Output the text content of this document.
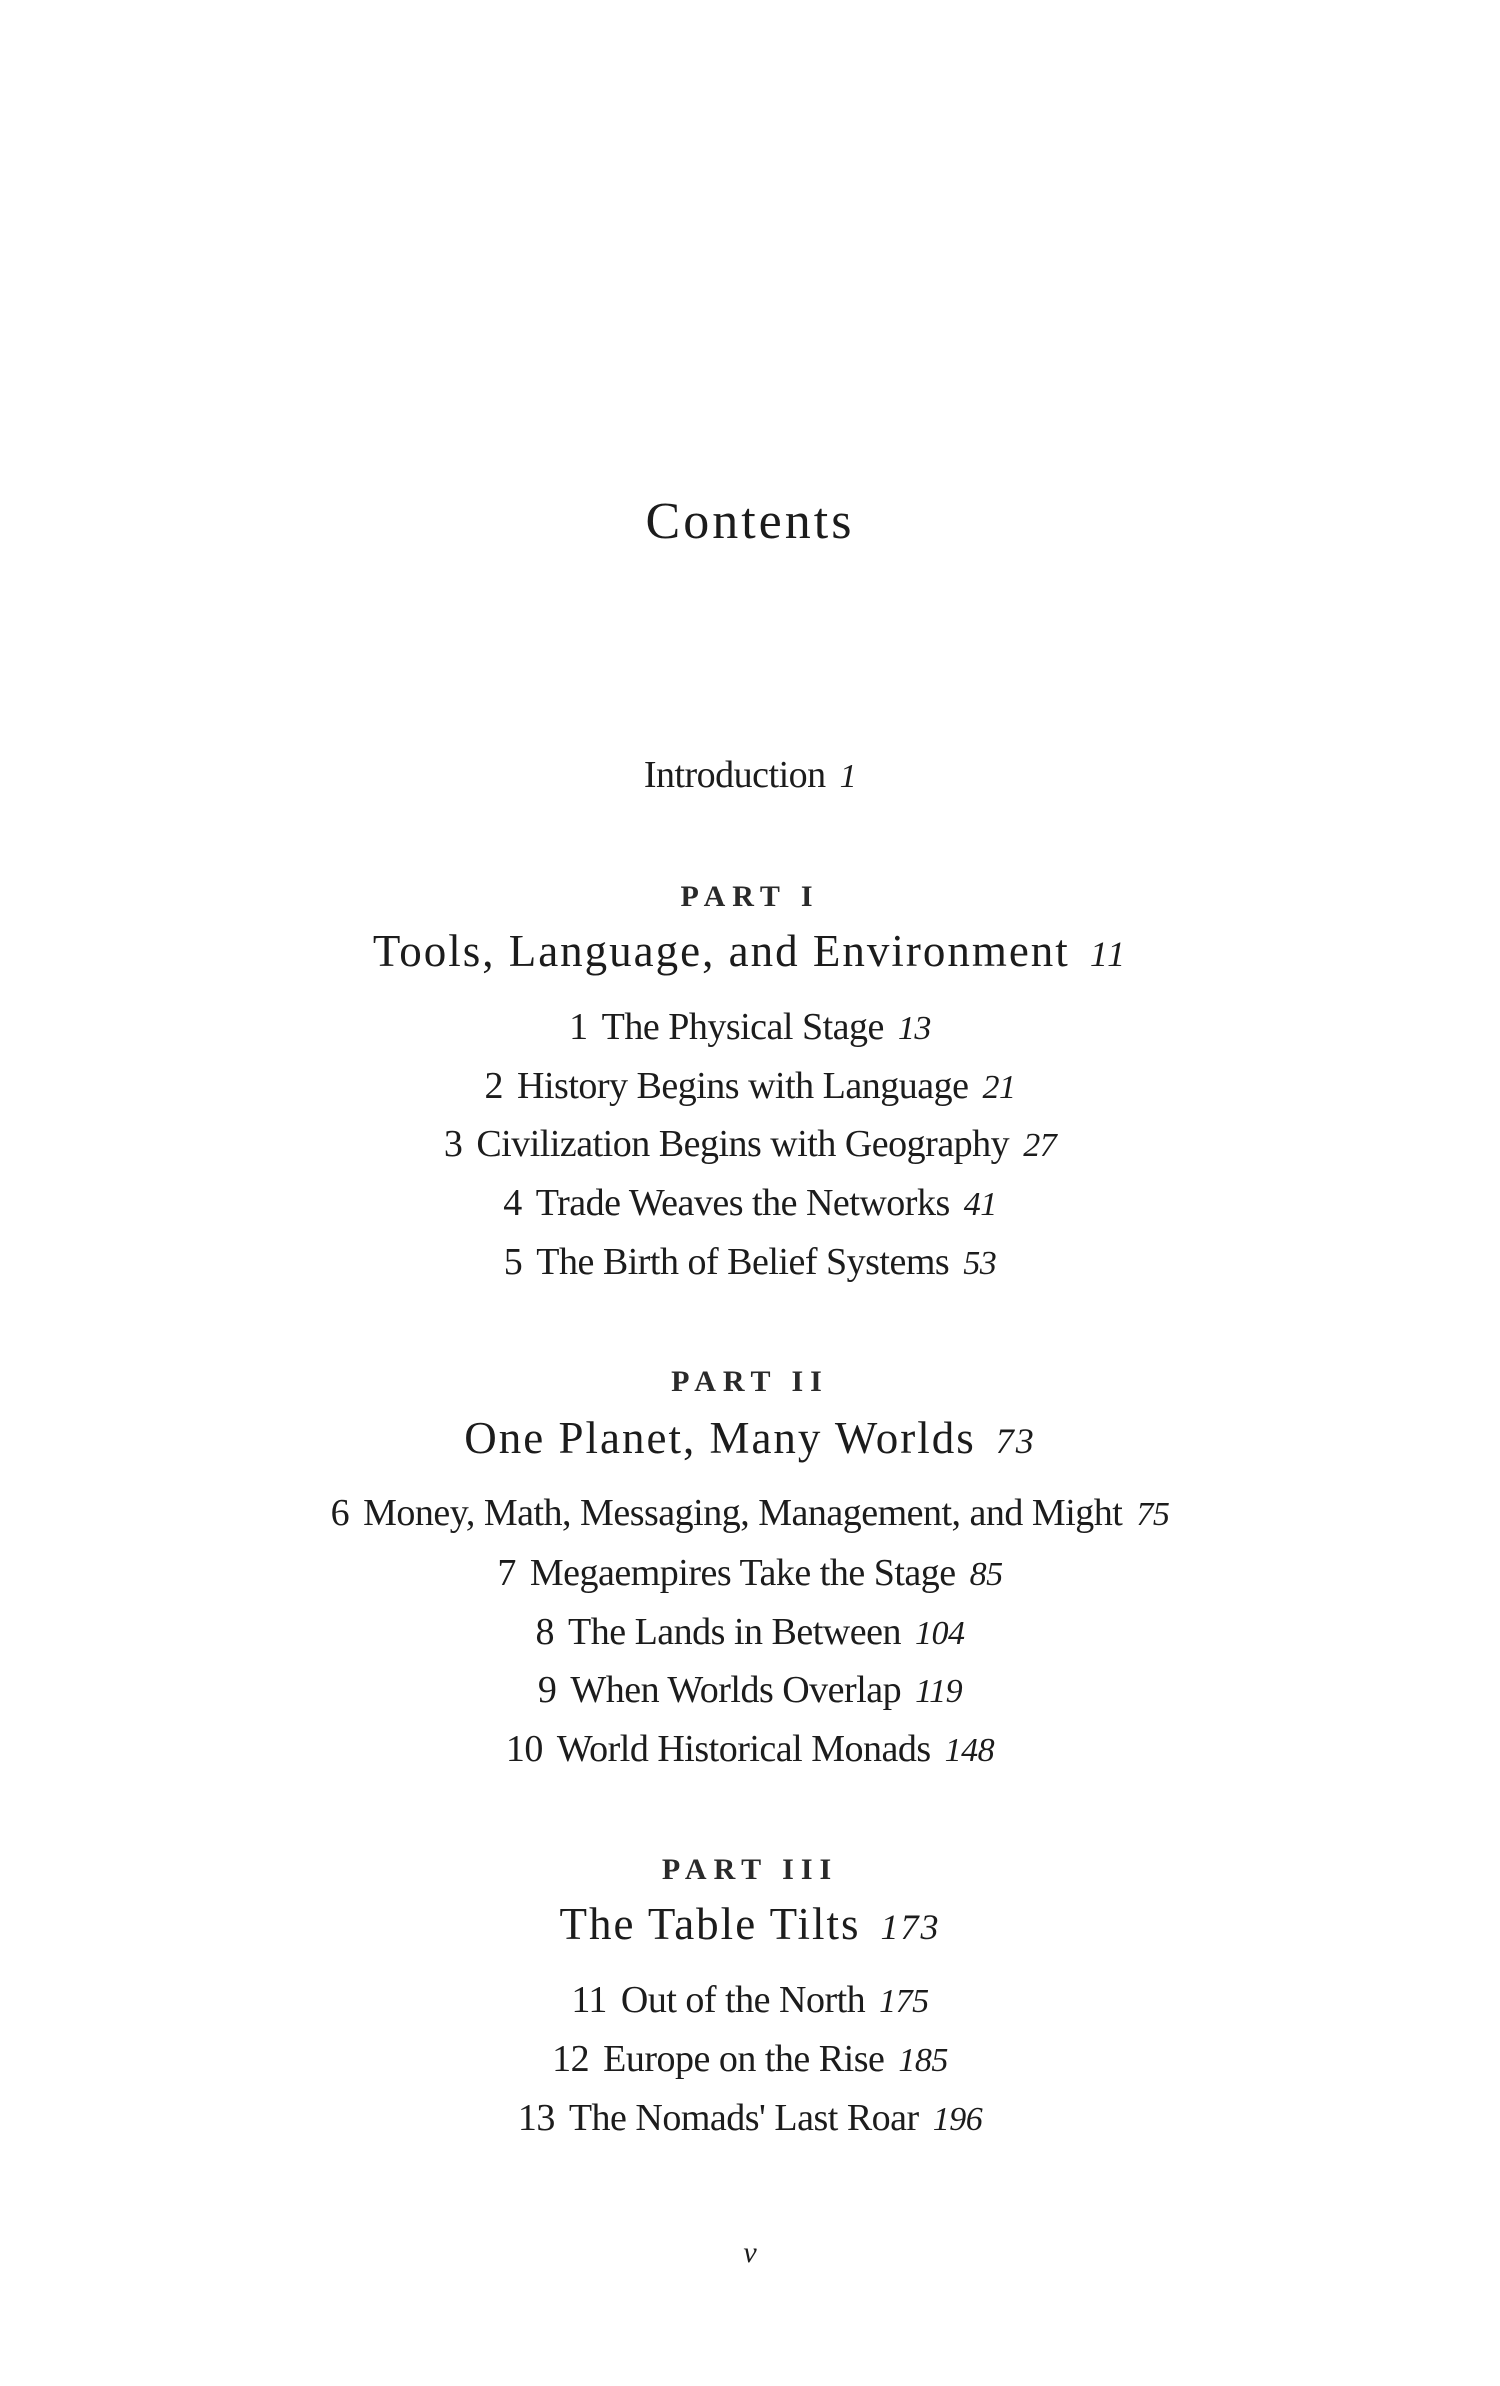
Contents
Introduction 1
PART I
Tools, Language, and Environment 11
1 The Physical Stage 13
2 History Begins with Language 21
3 Civilization Begins with Geography 27
4 Trade Weaves the Networks 41
5 The Birth of Belief Systems 53
PART II
One Planet, Many Worlds 73
6 Money, Math, Messaging, Management, and Might 75
7 Megaempires Take the Stage 85
8 The Lands in Between 104
9 When Worlds Overlap 119
10 World Historical Monads 148
PART III
The Table Tilts 173
11 Out of the North 175
12 Europe on the Rise 185
13 The Nomads' Last Roar 196
v
